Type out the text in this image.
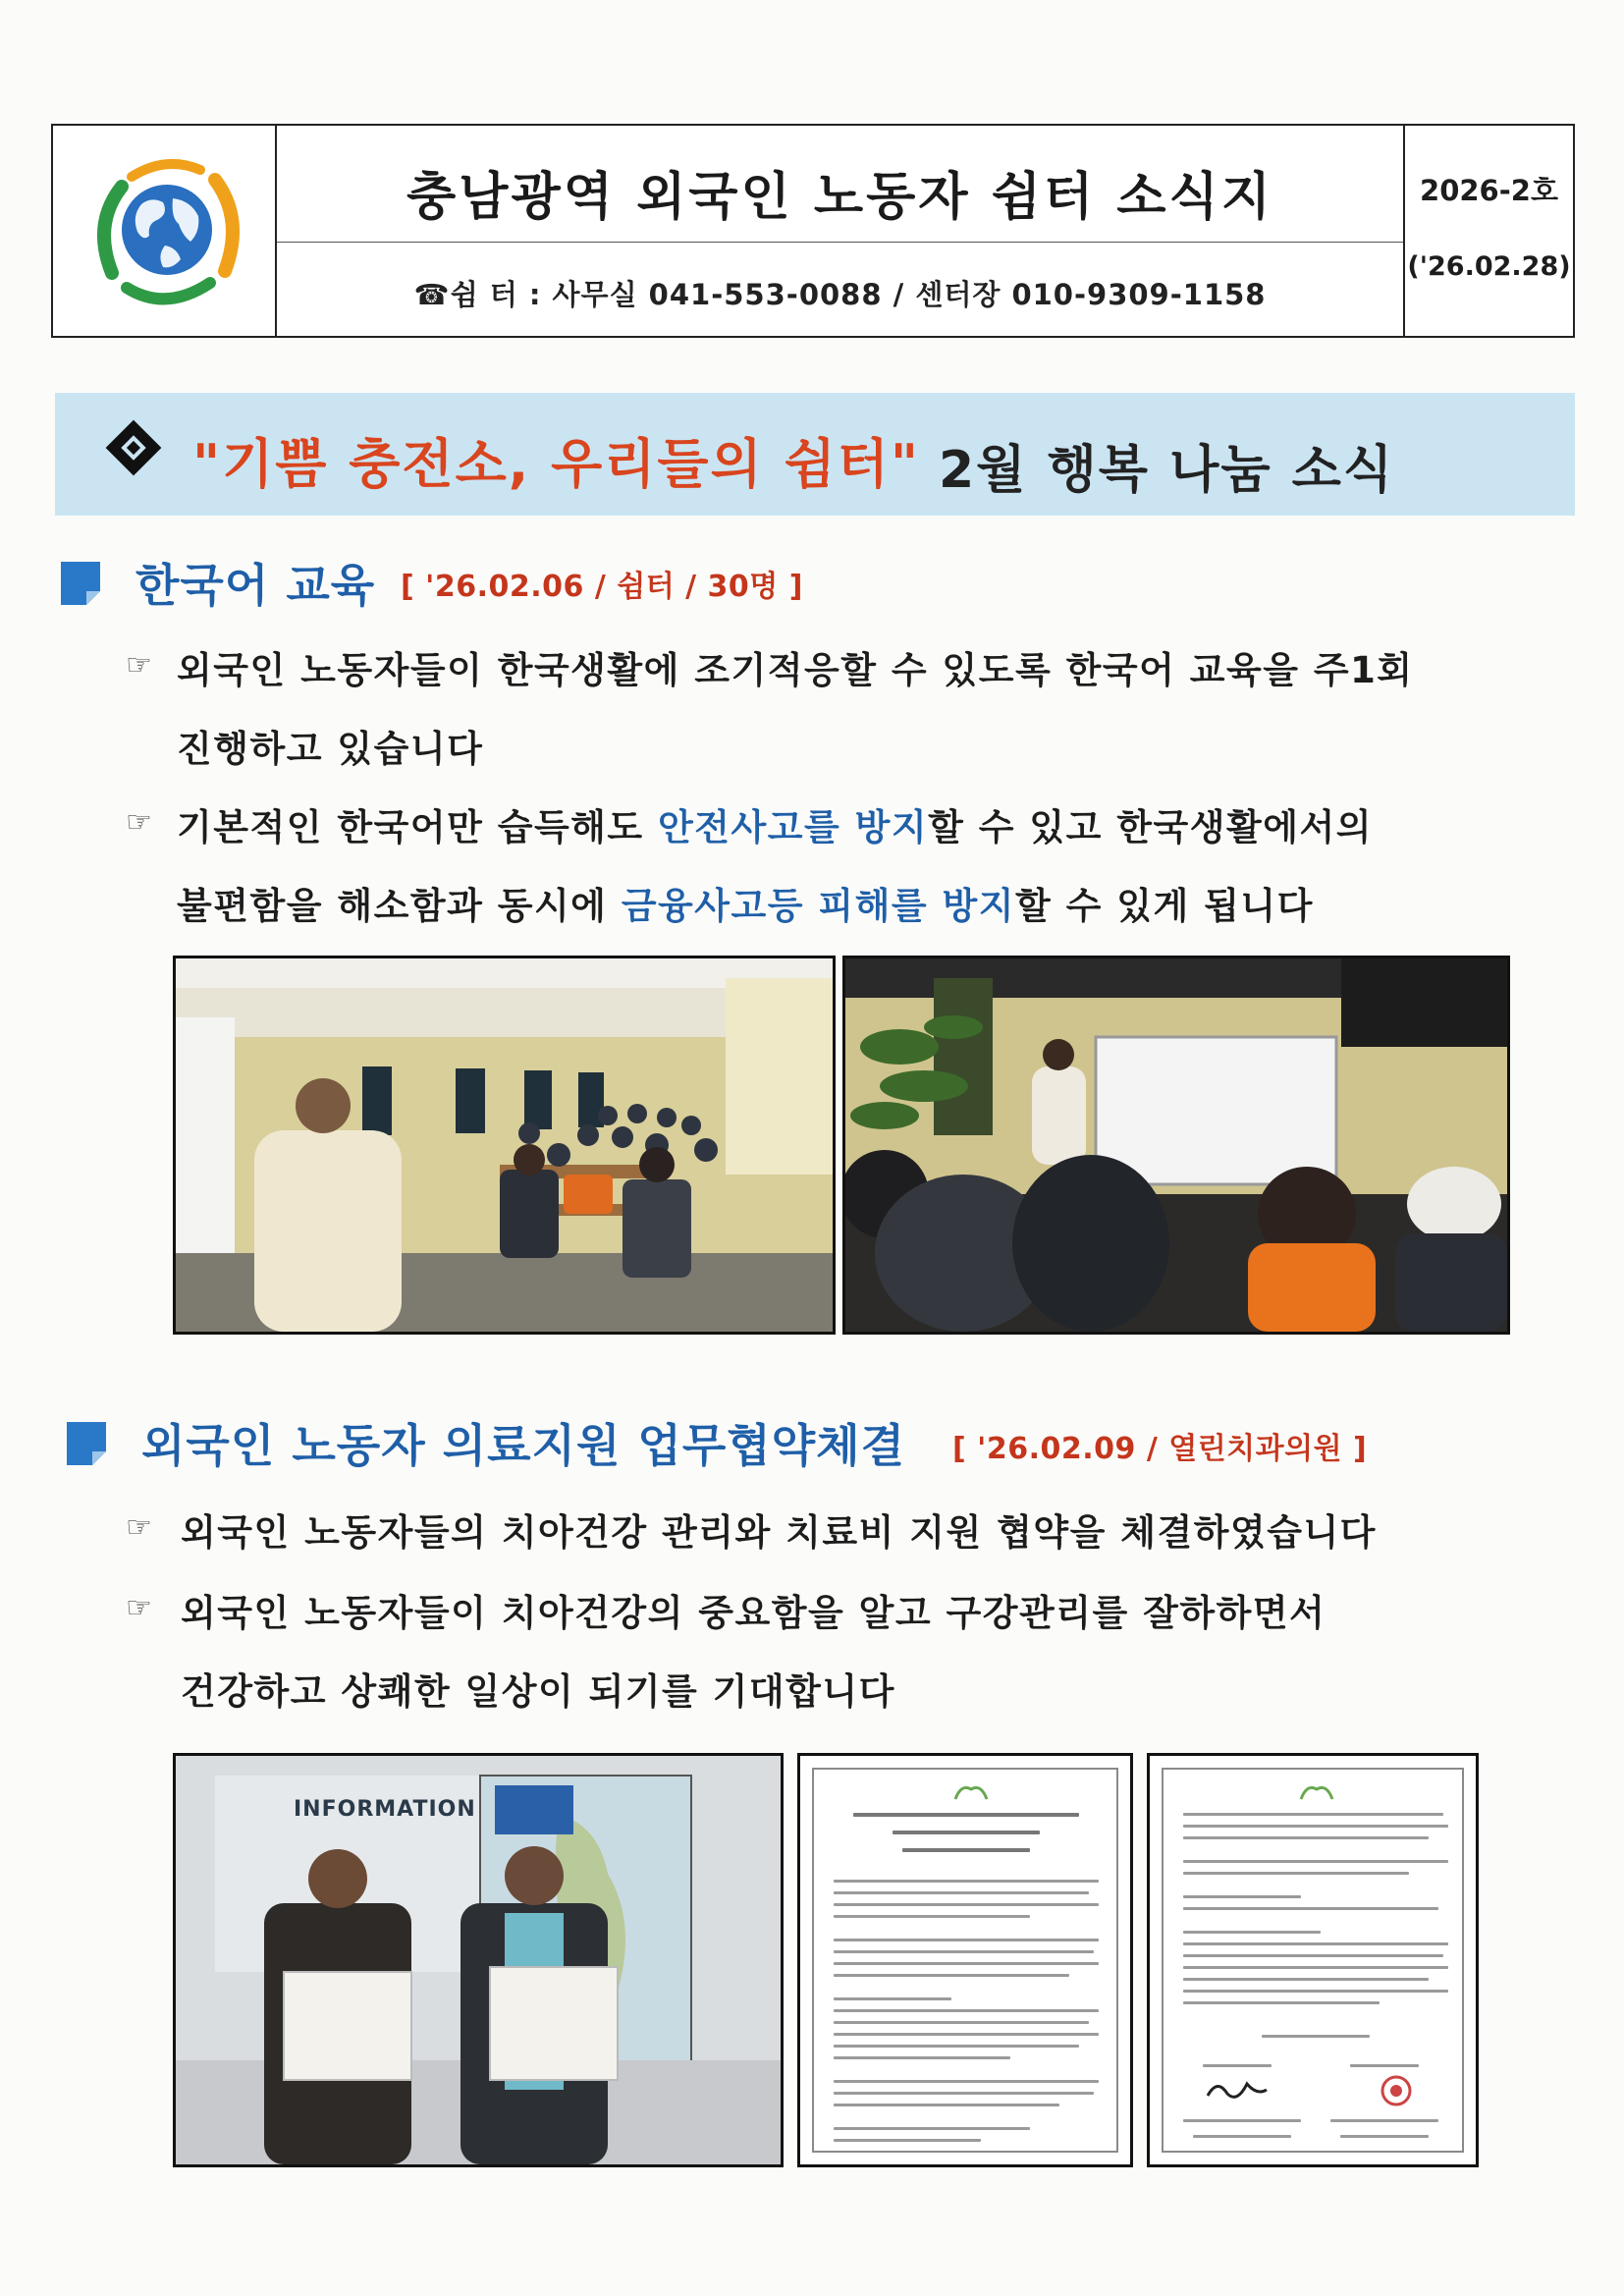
충남광역 외국인 노동자 쉼터 소식지
☎쉼 터 : 사무실 041-553-0088 / 센터장 010-9309-1158
2026-2호
('26.02.28)
"기쁨 충전소, 우리들의 쉼터" 2월 행복 나눔 소식
한국어 교육 [ '26.02.06 / 쉼터 / 30명 ]
☞ 외국인 노동자들이 한국생활에 조기적응할 수 있도록 한국어 교육을 주1회
진행하고 있습니다
☞ 기본적인 한국어만 습득해도 안전사고를 방지할 수 있고 한국생활에서의
불편함을 해소함과 동시에 금융사고등 피해를 방지할 수 있게 됩니다
외국인 노동자 의료지원 업무협약체결 [ '26.02.09 / 열린치과의원 ]
☞ 외국인 노동자들의 치아건강 관리와 치료비 지원 협약을 체결하였습니다
☞ 외국인 노동자들이 치아건강의 중요함을 알고 구강관리를 잘하하면서
건강하고 상쾌한 일상이 되기를 기대합니다
INFORMATION
